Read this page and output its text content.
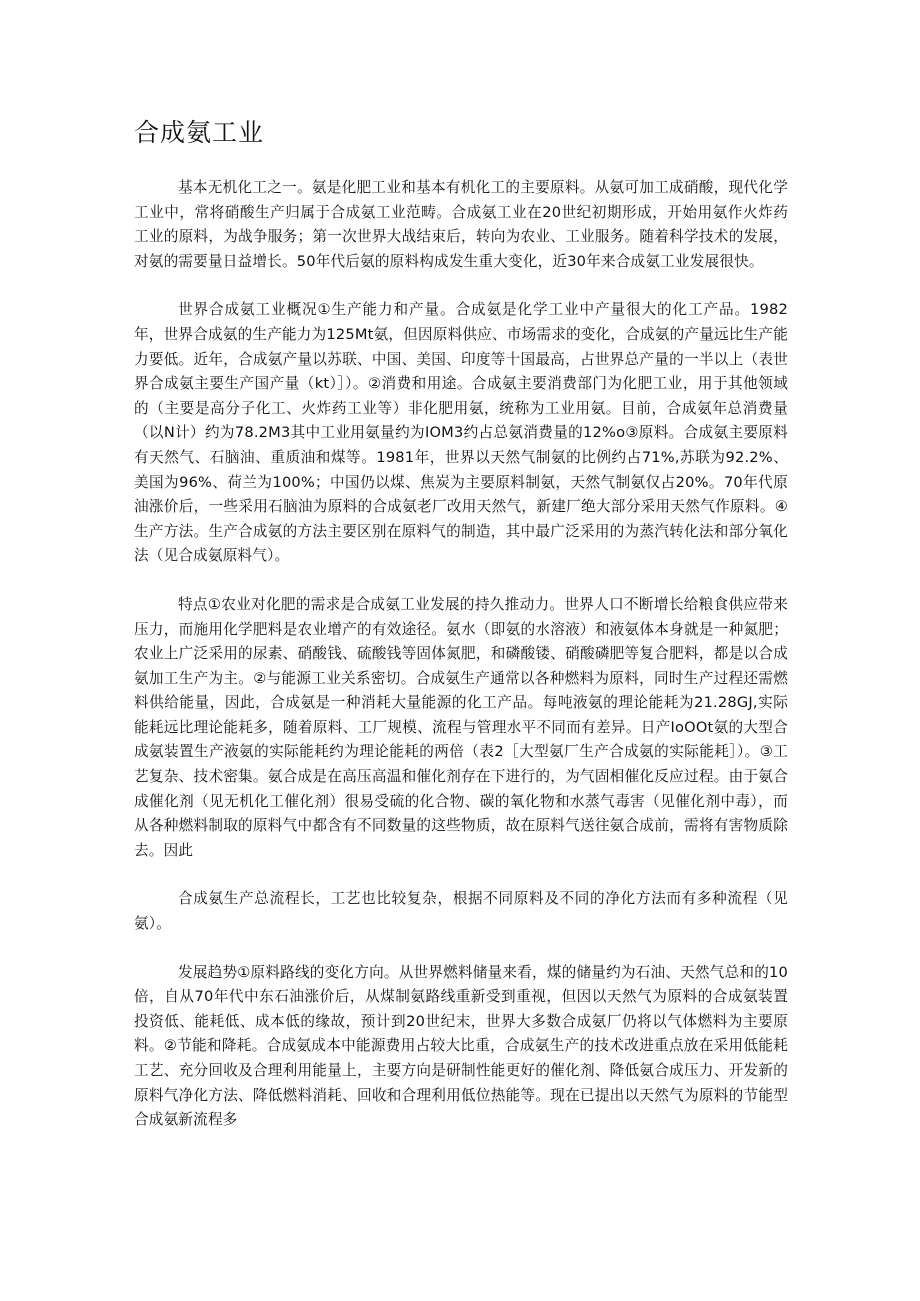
合成氨工业

基本无机化工之一。氨是化肥工业和基本有机化工的主要原料。从氨可加工成硝酸，现代化学工业中，常将硝酸生产归属于合成氨工业范畴。合成氨工业在20世纪初期形成，开始用氨作火炸药工业的原料，为战争服务；第一次世界大战结束后，转向为农业、工业服务。随着科学技术的发展，对氨的需要量日益增长。50年代后氨的原料构成发生重大变化，近30年来合成氨工业发展很快。

世界合成氨工业概况①生产能力和产量。合成氨是化学工业中产量很大的化工产品。1982年，世界合成氨的生产能力为125Mt氨，但因原料供应、市场需求的变化，合成氨的产量远比生产能力要低。近年，合成氨产量以苏联、中国、美国、印度等十国最高，占世界总产量的一半以上（表世界合成氨主要生产国产量（kt）］）。②消费和用途。合成氨主要消费部门为化肥工业，用于其他领域的（主要是高分子化工、火炸药工业等）非化肥用氨，统称为工业用氨。目前，合成氨年总消费量（以N计）约为78.2M3其中工业用氨量约为IOM3约占总氨消费量的12%o③原料。合成氨主要原料有天然气、石脑油、重质油和煤等。1981年，世界以天然气制氨的比例约占71%,苏联为92.2%、美国为96%、荷兰为100%；中国仍以煤、焦炭为主要原料制氨，天然气制氨仅占20%。70年代原油涨价后，一些采用石脑油为原料的合成氨老厂改用天然气，新建厂绝大部分采用天然气作原料。④生产方法。生产合成氨的方法主要区别在原料气的制造，其中最广泛采用的为蒸汽转化法和部分氧化法（见合成氨原料气）。

特点①农业对化肥的需求是合成氨工业发展的持久推动力。世界人口不断增长给粮食供应带来压力，而施用化学肥料是农业增产的有效途径。氨水（即氨的水溶液）和液氨体本身就是一种氮肥；农业上广泛采用的尿素、硝酸钱、硫酸钱等固体氮肥，和磷酸镂、硝酸磷肥等复合肥料，都是以合成氨加工生产为主。②与能源工业关系密切。合成氨生产通常以各种燃料为原料，同时生产过程还需燃料供给能量，因此，合成氨是一种消耗大量能源的化工产品。每吨液氨的理论能耗为21.28GJ,实际能耗远比理论能耗多，随着原料、工厂规模、流程与管理水平不同而有差异。日产IoOOt氨的大型合成氨装置生产液氨的实际能耗约为理论能耗的两倍（表2［大型氨厂生产合成氨的实际能耗］）。③工艺复杂、技术密集。氨合成是在高压高温和催化剂存在下进行的，为气固相催化反应过程。由于氨合成催化剂（见无机化工催化剂）很易受硫的化合物、碳的氧化物和水蒸气毒害（见催化剂中毒），而从各种燃料制取的原料气中都含有不同数量的这些物质，故在原料气送往氨合成前，需将有害物质除去。因此

合成氨生产总流程长，工艺也比较复杂，根据不同原料及不同的净化方法而有多种流程（见氨）。

发展趋势①原料路线的变化方向。从世界燃料储量来看，煤的储量约为石油、天然气总和的10倍，自从70年代中东石油涨价后，从煤制氨路线重新受到重视，但因以天然气为原料的合成氨装置投资低、能耗低、成本低的缘故，预计到20世纪末，世界大多数合成氨厂仍将以气体燃料为主要原料。②节能和降耗。合成氨成本中能源费用占较大比重，合成氨生产的技术改进重点放在采用低能耗工艺、充分回收及合理利用能量上，主要方向是研制性能更好的催化剂、降低氨合成压力、开发新的原料气净化方法、降低燃料消耗、回收和合理利用低位热能等。现在已提出以天然气为原料的节能型合成氨新流程多
